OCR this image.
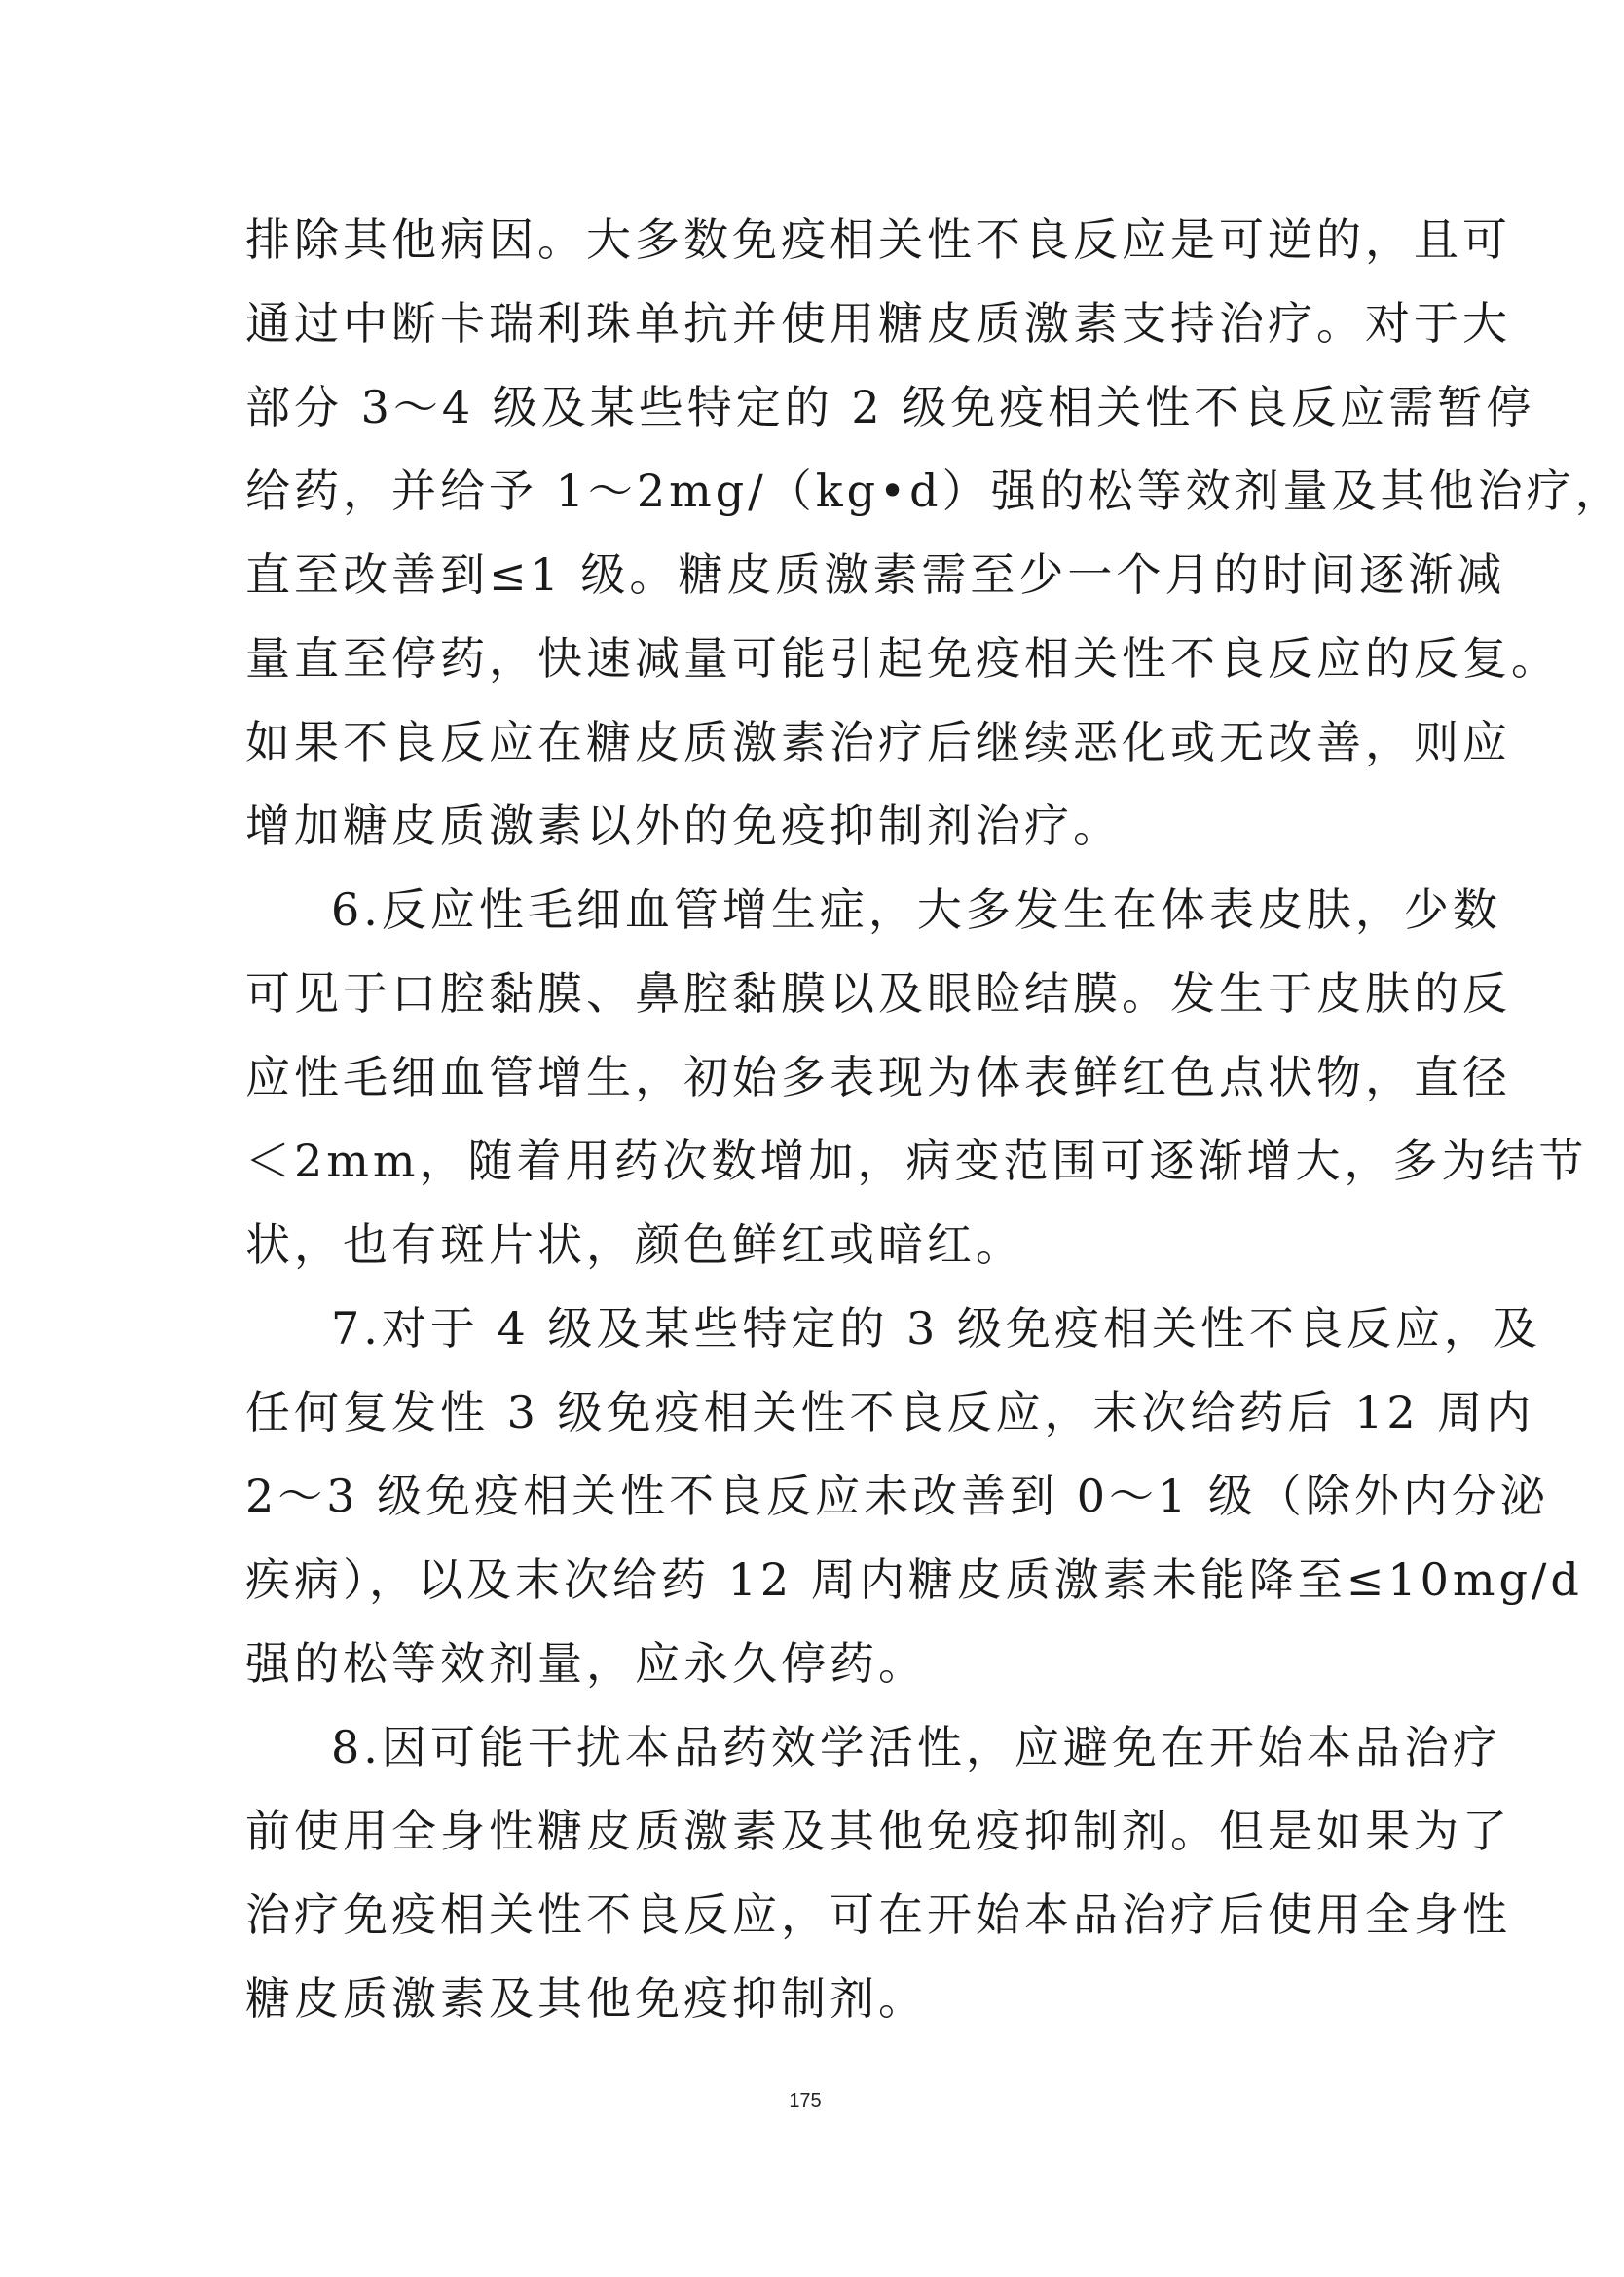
排除其他病因。大多数免疫相关性不良反应是可逆的，且可
通过中断卡瑞利珠单抗并使用糖皮质激素支持治疗。对于大
部分 3～4 级及某些特定的 2 级免疫相关性不良反应需暂停
给药，并给予 1～2mg/（kg•d）强的松等效剂量及其他治疗，
直至改善到≤1 级。糖皮质激素需至少一个月的时间逐渐减
量直至停药，快速减量可能引起免疫相关性不良反应的反复。
如果不良反应在糖皮质激素治疗后继续恶化或无改善，则应
增加糖皮质激素以外的免疫抑制剂治疗。
6.反应性毛细血管增生症，大多发生在体表皮肤，少数
可见于口腔黏膜、鼻腔黏膜以及眼睑结膜。发生于皮肤的反
应性毛细血管增生，初始多表现为体表鲜红色点状物，直径
＜2mm，随着用药次数增加，病变范围可逐渐增大，多为结节
状，也有斑片状，颜色鲜红或暗红。
7.对于 4 级及某些特定的 3 级免疫相关性不良反应，及
任何复发性 3 级免疫相关性不良反应，末次给药后 12 周内
2～3 级免疫相关性不良反应未改善到 0～1 级（除外内分泌
疾病），以及末次给药 12 周内糖皮质激素未能降至≤10mg/d
强的松等效剂量，应永久停药。
8.因可能干扰本品药效学活性，应避免在开始本品治疗
前使用全身性糖皮质激素及其他免疫抑制剂。但是如果为了
治疗免疫相关性不良反应，可在开始本品治疗后使用全身性
糖皮质激素及其他免疫抑制剂。
175
